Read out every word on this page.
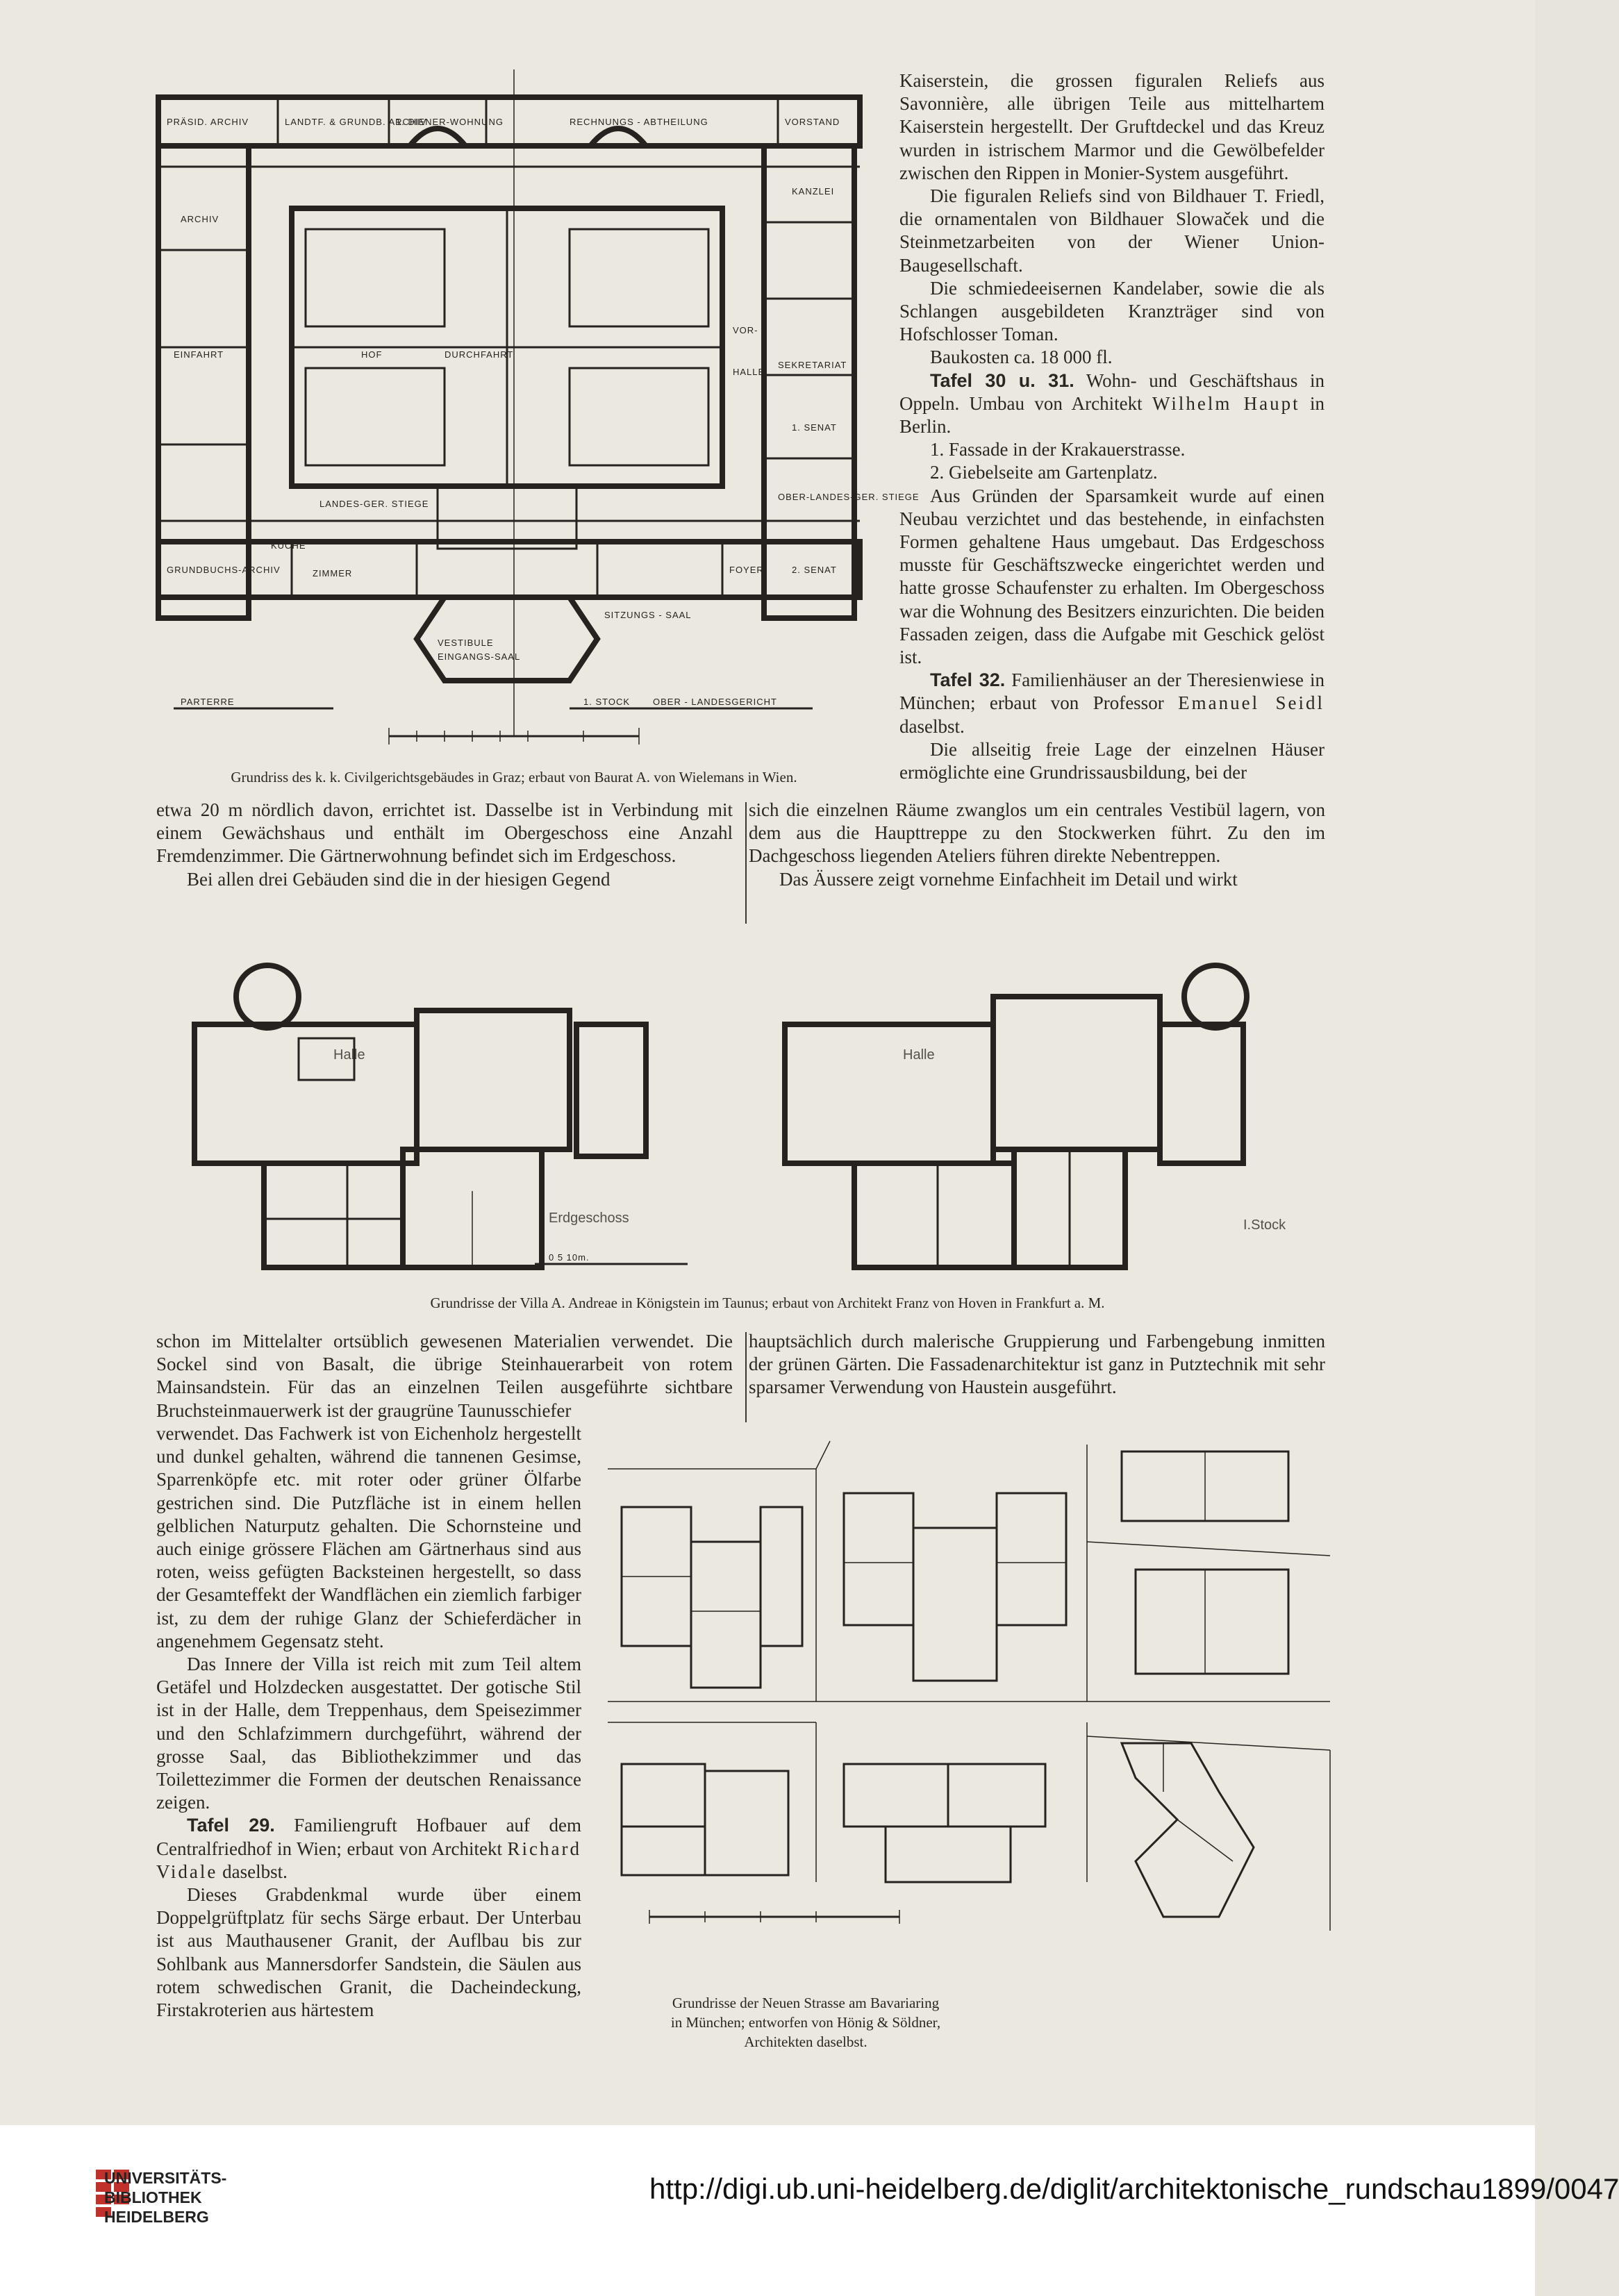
PRÄSID. ARCHIV	LANDTF. & GRUNDB. ARCHIV
1. DIENER-WOHNUNG	RECHNUNGS - ABTHEILUNG	VORSTAND
ARCHIV
KANZLEI
EINFAHRT	HOF	DURCHFAHRT
HALLE
VOR-
SEKRETARIAT
1. SENAT
OBER-LANDES-GER. STIEGE
2. SENAT
FOYER
SITZUNGS - SAAL
VESTIBULE
EINGANGS-SAAL
ZIMMER
KÜCHE
GRUNDBUCHS-ARCHIV
LANDES-GER. STIEGE
PARTERRE	1. STOCK	OBER - LANDESGERICHT

Kaiserstein, die grossen figuralen Reliefs aus Savonnière, alle übrigen Teile aus mittelhartem Kaiserstein hergestellt. Der Gruftdeckel und das Kreuz wurden in istrischem Marmor und die Gewölbefelder zwischen den Rippen in Monier-System ausgeführt.

Die figuralen Reliefs sind von Bildhauer T. Friedl, die ornamentalen von Bildhauer Slowaček und die Steinmetzarbeiten von der Wiener Union-Baugesellschaft.

Die schmiedeeisernen Kandelaber, sowie die als Schlangen ausgebildeten Kranzträger sind von Hofschlosser Toman.

Baukosten ca. 18 000 fl.

Tafel 30 u. 31. Wohn- und Geschäftshaus in Oppeln. Umbau von Architekt Wilhelm Haupt in Berlin.

1. Fassade in der Krakauerstrasse.

2. Giebelseite am Gartenplatz.

Aus Gründen der Sparsamkeit wurde auf einen Neubau verzichtet und das bestehende, in einfachsten Formen gehaltene Haus umgebaut. Das Erdgeschoss musste für Geschäftszwecke eingerichtet werden und hatte grosse Schaufenster zu erhalten. Im Obergeschoss war die Wohnung des Besitzers einzurichten. Die beiden Fassaden zeigen, dass die Aufgabe mit Geschick gelöst ist.

Tafel 32. Familienhäuser an der Theresienwiese in München; erbaut von Professor Emanuel Seidl daselbst.

Die allseitig freie Lage der einzelnen Häuser ermöglichte eine Grundrissausbildung, bei der

Grundriss des k. k. Civilgerichtsgebäudes in Graz; erbaut von Baurat A. von Wielemans in Wien.

etwa 20 m nördlich davon, errichtet ist. Dasselbe ist in Verbindung mit einem Gewächshaus und enthält im Obergeschoss eine Anzahl Fremdenzimmer. Die Gärtnerwohnung befindet sich im Erdgeschoss.

Bei allen drei Gebäuden sind die in der hiesigen Gegend

sich die einzelnen Räume zwanglos um ein centrales Vestibül lagern, von dem aus die Haupttreppe zu den Stockwerken führt. Zu den im Dachgeschoss liegenden Ateliers führen direkte Nebentreppen.

Das Äussere zeigt vornehme Einfachheit im Detail und wirkt

Halle
Erdgeschoss
0 5 10m.
Halle
I.Stock
Grundrisse der Villa A. Andreae in Königstein im Taunus; erbaut von Architekt Franz von Hoven in Frankfurt a. M.

schon im Mittelalter ortsüblich gewesenen Materialien verwendet. Die Sockel sind von Basalt, die übrige Steinhauerarbeit von rotem Mainsandstein. Für das an einzelnen Teilen ausgeführte sichtbare Bruchsteinmauerwerk ist der graugrüne Taunusschiefer

hauptsächlich durch malerische Gruppierung und Farbengebung inmitten der grünen Gärten. Die Fassadenarchitektur ist ganz in Putztechnik mit sehr sparsamer Verwendung von Haustein ausgeführt.

verwendet. Das Fachwerk ist von Eichenholz hergestellt und dunkel gehalten, während die tannenen Gesimse, Sparrenköpfe etc. mit roter oder grüner Ölfarbe gestrichen sind. Die Putzfläche ist in einem hellen gelblichen Naturputz gehalten. Die Schornsteine und auch einige grössere Flächen am Gärtnerhaus sind aus roten, weiss gefügten Backsteinen hergestellt, so dass der Gesamteffekt der Wandflächen ein ziemlich farbiger ist, zu dem der ruhige Glanz der Schieferdächer in angenehmem Gegensatz steht.

Das Innere der Villa ist reich mit zum Teil altem Getäfel und Holzdecken ausgestattet. Der gotische Stil ist in der Halle, dem Treppenhaus, dem Speisezimmer und den Schlafzimmern durchgeführt, während der grosse Saal, das Bibliothekzimmer und das Toilettezimmer die Formen der deutschen Renaissance zeigen.

Tafel 29. Familiengruft Hofbauer auf dem Centralfriedhof in Wien; erbaut von Architekt Richard Vidale daselbst.

Dieses Grabdenkmal wurde über einem Doppelgrüftplatz für sechs Särge erbaut. Der Unterbau ist aus Mauthausener Granit, der Auflbau bis zur Sohlbank aus Mannersdorfer Sandstein, die Säulen aus rotem schwedischen Granit, die Dacheindeckung, Firstakroterien aus härtestem	Grundrisse der Neuen Strasse am Bavariaring
in München; entworfen von Hönig & Söldner,
Architekten daselbst.
UNIVERSITÄTS-
BIBLIOTHEK
HEIDELBERG
http://digi.ub.uni-heidelberg.de/diglit/architektonische_rundschau1899/0047
